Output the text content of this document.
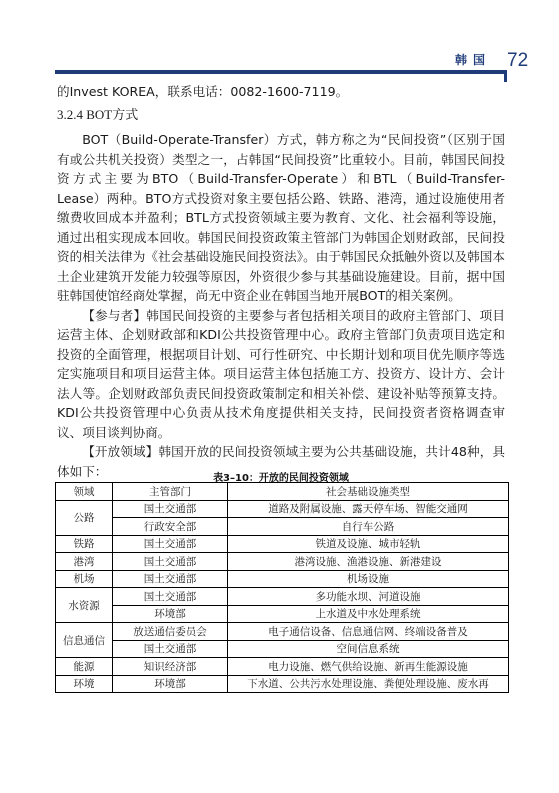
韩国 72

的Invest KOREA，联系电话：0082-1600-7119。

3.2.4 BOT方式

BOT（Build-Operate-Transfer）方式，韩方称之为“民间投资”（区别于国有或公共机关投资）类型之一，占韩国“民间投资”比重较小。目前，韩国民间投资方式主要为BTO（Build-Transfer-Operate）和BTL（Build-Transfer-Lease）两种。BTO方式投资对象主要包括公路、铁路、港湾，通过设施使用者缴费收回成本并盈利；BTL方式投资领域主要为教育、文化、社会福利等设施，通过出租实现成本回收。韩国民间投资政策主管部门为韩国企划财政部，民间投资的相关法律为《社会基础设施民间投资法》。由于韩国民众抵触外资以及韩国本土企业建筑开发能力较强等原因，外资很少参与其基础设施建设。目前，据中国驻韩国使馆经商处掌握，尚无中资企业在韩国当地开展BOT的相关案例。

【参与者】韩国民间投资的主要参与者包括相关项目的政府主管部门、项目运营主体、企划财政部和KDI公共投资管理中心。政府主管部门负责项目选定和投资的全面管理，根据项目计划、可行性研究、中长期计划和项目优先顺序等选定实施项目和项目运营主体。项目运营主体包括施工方、投资方、设计方、会计法人等。企划财政部负责民间投资政策制定和相关补偿、建设补贴等预算支持。KDI公共投资管理中心负责从技术角度提供相关支持，民间投资者资格调查审议、项目谈判协商。

【开放领域】韩国开放的民间投资领域主要为公共基础设施，共计48种，具体如下：	表3–10：开放的民间投资领域
领域	主管部门	社会基础设施类型
公路	国土交通部	道路及附属设施、露天停车场、智能交通网
	行政安全部	自行车公路
铁路	国土交通部	铁道及设施、城市轻轨
港湾	国土交通部	港湾设施、渔港设施、新港建设
机场	国土交通部	机场设施
水资源	国土交通部	多功能水坝、河道设施
	环境部	上水道及中水处理系统
信息通信	放送通信委员会	电子通信设备、信息通信网、终端设备普及
	国土交通部	空间信息系统
能源	知识经济部	电力设施、燃气供给设施、新再生能源设施
环境	环境部	下水道、公共污水处理设施、粪便处理设施、废水再
